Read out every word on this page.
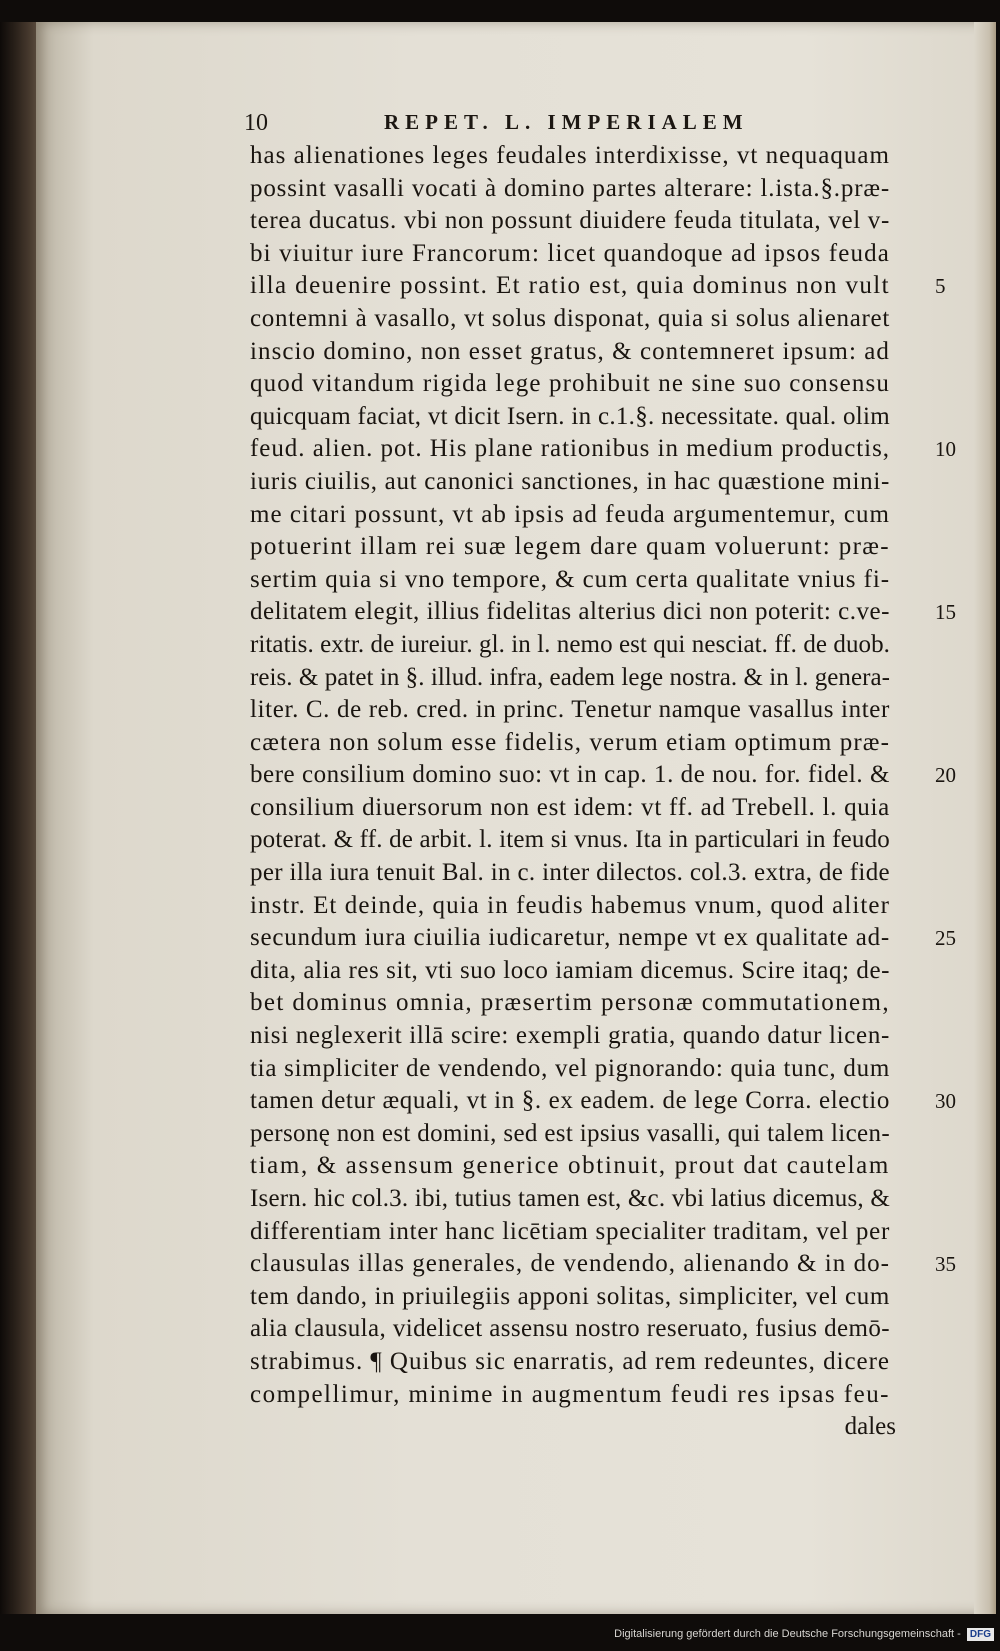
10	REPET. L. IMPERIALEM
has alienationes leges feudales interdixisse, vt nequaquam
possint vasalli vocati à domino partes alterare: l.ista.§.præ-
terea ducatus. vbi non possunt diuidere feuda titulata, vel v-
bi viuitur iure Francorum: licet quandoque ad ipsos feuda
illa deuenire possint. Et ratio est, quia dominus non vult 5
contemni à vasallo, vt solus disponat, quia si solus alienaret
inscio domino, non esset gratus, & contemneret ipsum: ad
quod vitandum rigida lege prohibuit ne sine suo consensu
quicquam faciat, vt dicit Isern. in c.1.§. necessitate. qual. olim
feud. alien. pot. His plane rationibus in medium productis, 10
iuris ciuilis, aut canonici sanctiones, in hac quæstione mini-
me citari possunt, vt ab ipsis ad feuda argumentemur, cum
potuerint illam rei suæ legem dare quam voluerunt: præ-
sertim quia si vno tempore, & cum certa qualitate vnius fi-
delitatem elegit, illius fidelitas alterius dici non poterit: c.ve- 15
ritatis. extr. de iureiur. gl. in l. nemo est qui nesciat. ff. de duob.
reis. & patet in §. illud. infra, eadem lege nostra. & in l. genera-
liter. C. de reb. cred. in princ. Tenetur namque vasallus inter
cætera non solum esse fidelis, verum etiam optimum præ-
bere consilium domino suo: vt in cap. 1. de nou. for. fidel. & 20
consilium diuersorum non est idem: vt ff. ad Trebell. l. quia
poterat. & ff. de arbit. l. item si vnus. Ita in particulari in feudo
per illa iura tenuit Bal. in c. inter dilectos. col.3. extra, de fide
instr. Et deinde, quia in feudis habemus vnum, quod aliter
secundum iura ciuilia iudicaretur, nempe vt ex qualitate ad- 25
dita, alia res sit, vti suo loco iamiam dicemus. Scire itaq; de-
bet dominus omnia, præsertim personæ commutationem,
nisi neglexerit illā scire: exempli gratia, quando datur licen-
tia simpliciter de vendendo, vel pignorando: quia tunc, dum
tamen detur æquali, vt in §. ex eadem. de lege Corra. electio 30
personę non est domini, sed est ipsius vasalli, qui talem licen-
tiam, & assensum generice obtinuit, prout dat cautelam
Isern. hic col.3. ibi, tutius tamen est, &c. vbi latius dicemus, &
differentiam inter hanc licētiam specialiter traditam, vel per
clausulas illas generales, de vendendo, alienando & in do- 35
tem dando, in priuilegiis apponi solitas, simpliciter, vel cum
alia clausula, videlicet assensu nostro reseruato, fusius demō-
strabimus. ¶ Quibus sic enarratis, ad rem redeuntes, dicere
compellimur, minime in augmentum feudi res ipsas feu-
dales
Digitalisierung gefördert durch die Deutsche Forschungsgemeinschaft - DFG
